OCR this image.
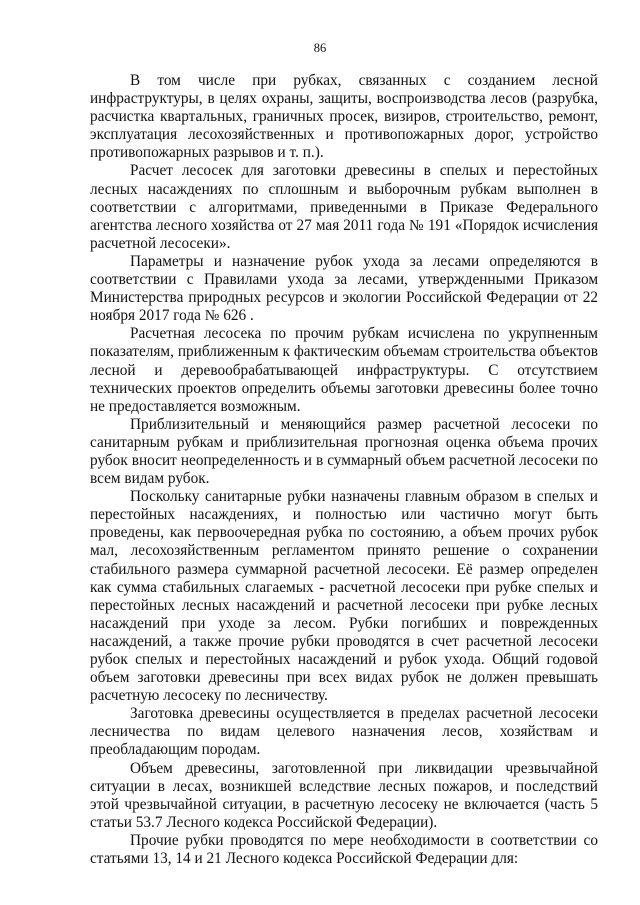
86

В том числе при рубках, связанных с созданием лесной инфраструктуры, в целях охраны, защиты, воспроизводства лесов (разрубка, расчистка квартальных, граничных просек, визиров, строительство, ремонт, эксплуатация лесохозяйственных и противопожарных дорог, устройство противопожарных разрывов и т. п.).

Расчет лесосек для заготовки древесины в спелых и перестойных лесных насаждениях по сплошным и выборочным рубкам выполнен в соответствии с алгоритмами, приведенными в Приказе Федерального агентства лесного хозяйства от 27 мая 2011 года № 191 «Порядок исчисления расчетной лесосеки».

Параметры и назначение рубок ухода за лесами определяются в соответствии с Правилами ухода за лесами, утвержденными Приказом Министерства природных ресурсов и экологии Российской Федерации от 22 ноября 2017 года № 626 .

Расчетная лесосека по прочим рубкам исчислена по укрупненным показателям, приближенным к фактическим объемам строительства объектов лесной и деревообрабатывающей инфраструктуры. С отсутствием технических проектов определить объемы заготовки древесины более точно не предоставляется возможным.

Приблизительный и меняющийся размер расчетной лесосеки по санитарным рубкам и приблизительная прогнозная оценка объема прочих рубок вносит неопределенность и в суммарный объем расчетной лесосеки по всем видам рубок.

Поскольку санитарные рубки назначены главным образом в спелых и перестойных насаждениях, и полностью или частично могут быть проведены, как первоочередная рубка по состоянию, а объем прочих рубок мал, лесохозяйственным регламентом принято решение о сохранении стабильного размера суммарной расчетной лесосеки. Её размер определен как сумма стабильных слагаемых - расчетной лесосеки при рубке спелых и перестойных лесных насаждений и расчетной лесосеки при рубке лесных насаждений при уходе за лесом. Рубки погибших и поврежденных насаждений, а также прочие рубки проводятся в счет расчетной лесосеки рубок спелых и перестойных насаждений и рубок ухода. Общий годовой объем заготовки древесины при всех видах рубок не должен превышать расчетную лесосеку по лесничеству.

Заготовка древесины осуществляется в пределах расчетной лесосеки лесничества по видам целевого назначения лесов, хозяйствам и преобладающим породам.

Объем древесины, заготовленной при ликвидации чрезвычайной ситуации в лесах, возникшей вследствие лесных пожаров, и последствий этой чрезвычайной ситуации, в расчетную лесосеку не включается (часть 5 статьи 53.7 Лесного кодекса Российской Федерации).

Прочие рубки проводятся по мере необходимости в соответствии со статьями 13, 14 и 21 Лесного кодекса Российской Федерации для:
